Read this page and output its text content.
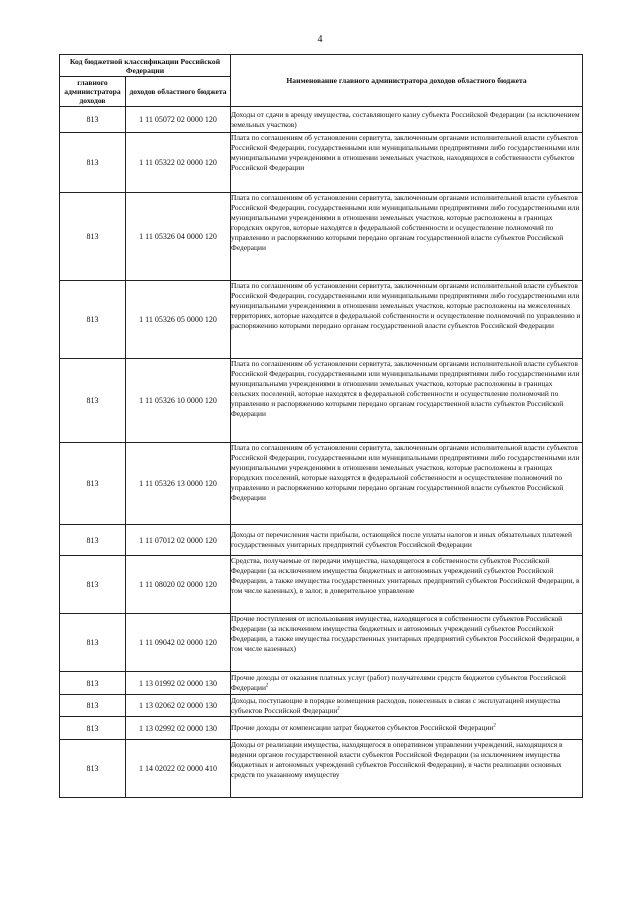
4
Код бюджетной классификации Российской Федерации		Наименование главного администратора доходов областного бюджета
главного администратора доходов	доходов областного бюджета	
813	1 11 05072 02 0000 120	Доходы от сдачи в аренду имущества, составляющего казну субъекта Российской Федерации (за исключением земельных участков)
813	1 11 05322 02 0000 120	Плата по соглашениям об установлении сервитута, заключенным органами исполнительной власти субъектов Российской Федерации, государственными или муниципальными предприятиями либо государственными или муниципальными учреждениями в отношении земельных участков, находящихся в собственности субъектов Российской Федерации
813	1 11 05326 04 0000 120	Плата по соглашениям об установлении сервитута, заключенным органами исполнительной власти субъектов Российской Федерации, государственными или муниципальными предприятиями либо государственными или муниципальными учреждениями в отношении земельных участков, которые расположены в границах городских округов, которые находятся в федеральной собственности и осуществление полномочий по управлению и распоряжению которыми передано органам государственной власти субъектов Российской Федерации
813	1 11 05326 05 0000 120	Плата по соглашениям об установлении сервитута, заключенным органами исполнительной власти субъектов Российской Федерации, государственными или муниципальными предприятиями либо государственными или муниципальными учреждениями в отношении земельных участков, которые расположены на межселенных территориях, которые находятся в федеральной собственности и осуществление полномочий по управлению и распоряжению которыми передано органам государственной власти субъектов Российской Федерации
813	1 11 05326 10 0000 120	Плата по соглашениям об установлении сервитута, заключенным органами исполнительной власти субъектов Российской Федерации, государственными или муниципальными предприятиями либо государственными или муниципальными учреждениями в отношении земельных участков, которые расположены в границах сельских поселений, которые находятся в федеральной собственности и осуществление полномочий по управлению и распоряжению которыми передано органам государственной власти субъектов Российской Федерации
813	1 11 05326 13 0000 120	Плата по соглашениям об установлении сервитута, заключенным органами исполнительной власти субъектов Российской Федерации, государственными или муниципальными предприятиями либо государственными или муниципальными учреждениями в отношении земельных участков, которые расположены в границах городских поселений, которые находятся в федеральной собственности и осуществление полномочий по управлению и распоряжению которыми передано органам государственной власти субъектов Российской Федерации
813	1 11 07012 02 0000 120	Доходы от перечисления части прибыли, остающейся после уплаты налогов и иных обязательных платежей государственных унитарных предприятий субъектов Российской Федерации
813	1 11 08020 02 0000 120	Средства, получаемые от передачи имущества, находящегося в собственности субъектов Российской Федерации (за исключением имущества бюджетных и автономных учреждений субъектов Российской Федерации, а также имущества государственных унитарных предприятий субъектов Российской Федерации, в том числе казенных), в залог, в доверительное управление
813	1 11 09042 02 0000 120	Прочие поступления от использования имущества, находящегося в собственности субъектов Российской Федерации (за исключением имущества бюджетных и автономных учреждений субъектов Российской Федерации, а также имущества государственных унитарных предприятий субъектов Российской Федерации, в том числе казенных)
813	1 13 01992 02 0000 130	Прочие доходы от оказания платных услуг (работ) получателями средств бюджетов субъектов Российской Федерации$^2$
813	1 13 02062 02 0000 130	Доходы, поступающие в порядке возмещения расходов, понесенных в связи с эксплуатацией имущества субъектов Российской Федерации$^2$
813	1 13 02992 02 0000 130	Прочие доходы от компенсации затрат бюджетов субъектов Российской Федерации$^2$
813	1 14 02022 02 0000 410	Доходы от реализации имущества, находящегося в оперативном управлении учреждений, находящихся в ведении органов государственной власти субъектов Российской Федерации (за исключением имущества бюджетных и автономных учреждений субъектов Российской Федерации), в части реализации основных средств по указанному имуществу
